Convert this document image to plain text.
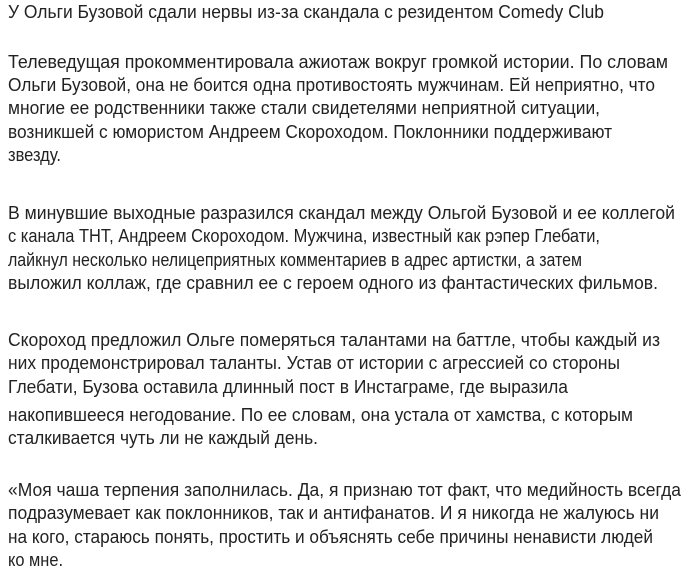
У Ольги Бузовой сдали нервы из-за скандала с резидентом Comedy Club
Телеведущая прокомментировала ажиотаж вокруг громкой истории. По словам
Ольги Бузовой, она не боится одна противостоять мужчинам. Ей неприятно, что
многие ее родственники также стали свидетелями неприятной ситуации,
возникшей с юмористом Андреем Скороходом. Поклонники поддерживают
звезду.
В минувшие выходные разразился скандал между Ольгой Бузовой и ее коллегой
с канала ТНТ, Андреем Скороходом. Мужчина, известный как рэпер Глебати,
лайкнул несколько нелицеприятных комментариев в адрес артистки, а затем
выложил коллаж, где сравнил ее с героем одного из фантастических фильмов.
Скороход предложил Ольге померяться талантами на баттле, чтобы каждый из
них продемонстрировал таланты. Устав от истории с агрессией со стороны
Глебати, Бузова оставила длинный пост в Инстаграме, где выразила
накопившееся негодование. По ее словам, она устала от хамства, с которым
сталкивается чуть ли не каждый день.
«Моя чаша терпения заполнилась. Да, я признаю тот факт, что медийность всегда
подразумевает как поклонников, так и антифанатов. И я никогда не жалуюсь ни
на кого, стараюсь понять, простить и объяснять себе причины ненависти людей
ко мне.
